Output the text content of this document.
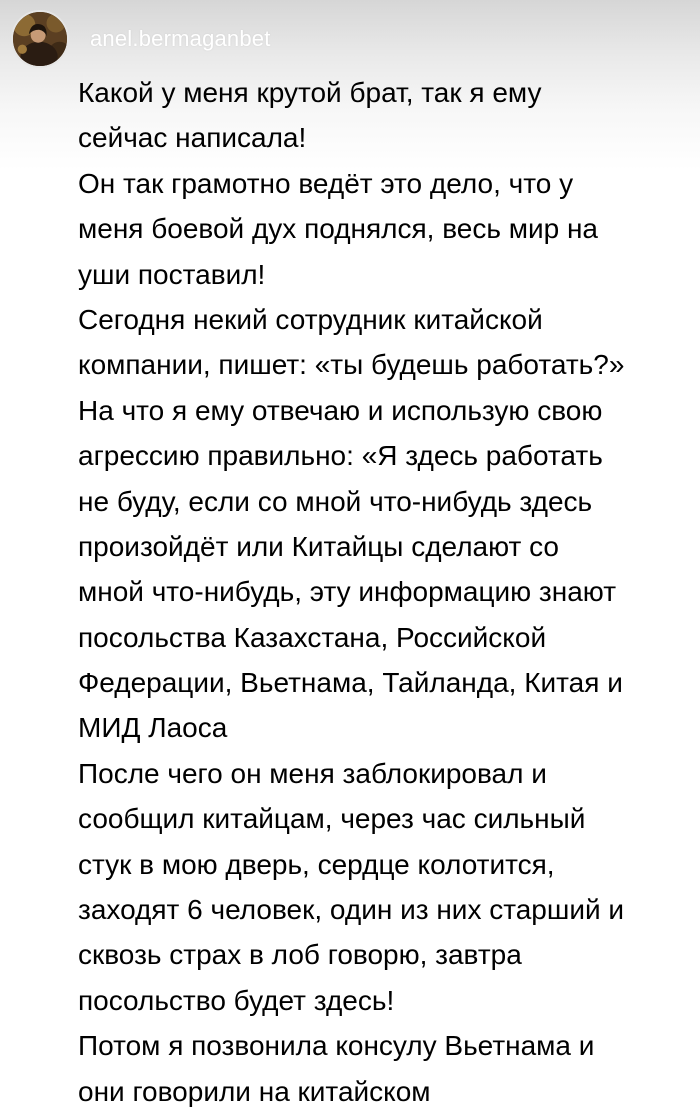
anel.bermaganbet
Какой у меня крутой брат, так я ему
сейчас написала!
Он так грамотно ведёт это дело, что у
меня боевой дух поднялся, весь мир на
уши поставил!
Сегодня некий сотрудник китайской
компании, пишет: «ты будешь работать?»
На что я ему отвечаю и использую свою
агрессию правильно: «Я здесь работать
не буду, если со мной что-нибудь здесь
произойдёт или Китайцы сделают со
мной что-нибудь, эту информацию знают
посольства Казахстана, Российской
Федерации, Вьетнама, Тайланда, Китая и
МИД Лаоса
После чего он меня заблокировал и
сообщил китайцам, через час сильный
стук в мою дверь, сердце колотится,
заходят 6 человек, один из них старший и
сквозь страх в лоб говорю, завтра
посольство будет здесь!
Потом я позвонила консулу Вьетнама и
они говорили на китайском
